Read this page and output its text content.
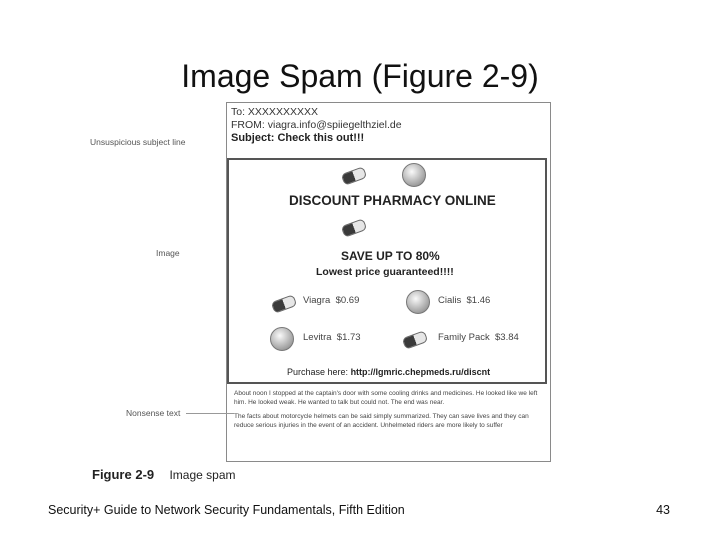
Image Spam (Figure 2-9)
To: XXXXXXXXXX
FROM: viagra.info@spiiegelthziel.de
Subject: Check this out!!!
DISCOUNT PHARMACY ONLINE
SAVE UP TO 80%
Lowest price guaranteed!!!!
Viagra $0.69	Cialis $1.46
Levitra $1.73	Family Pack $3.84
Purchase here: http://lgmric.chepmeds.ru/discnt

About noon I stopped at the captain's door with some cooling drinks and medicines. He looked like we left him. He looked weak. He wanted to talk but could not. The end was near.

The facts about motorcycle helmets can be said simply summarized. They can save lives and they can reduce serious injuries in the event of an accident. Unhelmeted riders are more likely to suffer

Unsuspicious subject line
Image
Nonsense text
Figure 2-9 Image spam
Security+ Guide to Network Security Fundamentals, Fifth Edition	43
